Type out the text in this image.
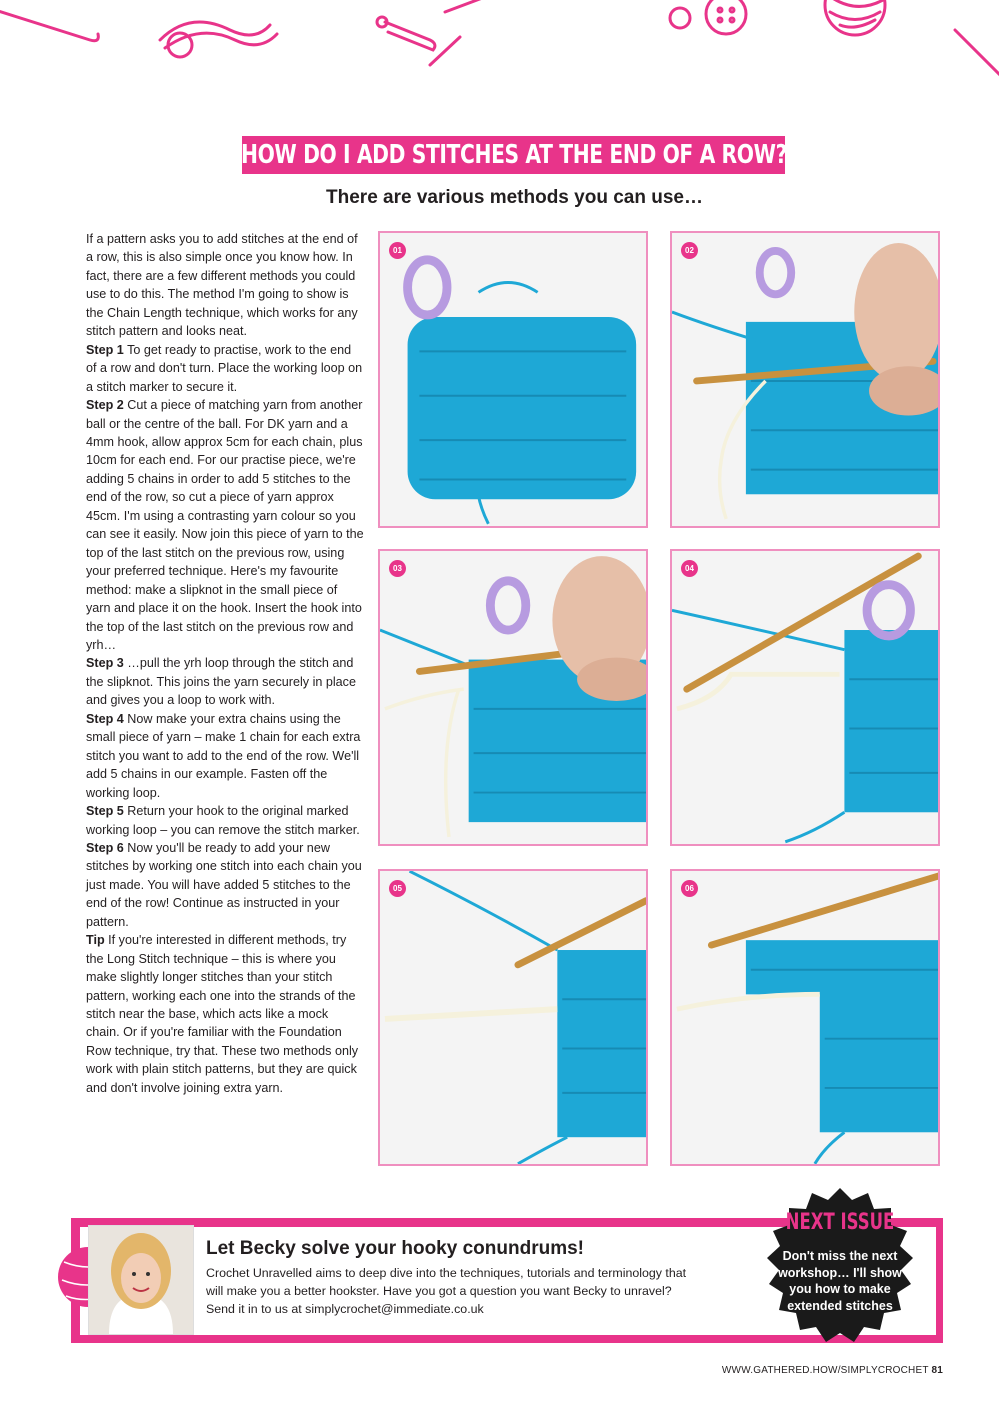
HOW DO I ADD STITCHES AT THE END OF A ROW?
There are various methods you can use…

If a pattern asks you to add stitches at the end of a row, this is also simple once you know how. In fact, there are a few different methods you could use to do this. The method I'm going to show is the Chain Length technique, which works for any stitch pattern and looks neat.

Step 1 To get ready to practise, work to the end of a row and don't turn. Place the working loop on a stitch marker to secure it.

Step 2 Cut a piece of matching yarn from another ball or the centre of the ball. For DK yarn and a 4mm hook, allow approx 5cm for each chain, plus 10cm for each end. For our practise piece, we're adding 5 chains in order to add 5 stitches to the end of the row, so cut a piece of yarn approx 45cm. I'm using a contrasting yarn colour so you can see it easily. Now join this piece of yarn to the top of the last stitch on the previous row, using your preferred technique. Here's my favourite method: make a slipknot in the small piece of yarn and place it on the hook. Insert the hook into the top of the last stitch on the previous row and yrh…

Step 3 …pull the yrh loop through the stitch and the slipknot. This joins the yarn securely in place and gives you a loop to work with.

Step 4 Now make your extra chains using the small piece of yarn – make 1 chain for each extra stitch you want to add to the end of the row. We'll add 5 chains in our example. Fasten off the working loop.

Step 5 Return your hook to the original marked working loop – you can remove the stitch marker.

Step 6 Now you'll be ready to add your new stitches by working one stitch into each chain you just made. You will have added 5 stitches to the end of the row! Continue as instructed in your pattern.

Tip If you're interested in different methods, try the Long Stitch technique – this is where you make slightly longer stitches than your stitch pattern, working each one into the strands of the stitch near the base, which acts like a mock chain. Or if you're familiar with the Foundation Row technique, try that. These two methods only work with plain stitch patterns, but they are quick and don't involve joining extra yarn.

01	02
03	04
05	06
Let Becky solve your hooky conundrums!

Crochet Unravelled aims to deep dive into the techniques, tutorials and terminology that

will make you a better hookster. Have you got a question you want Becky to unravel?

Send it in to us at simplycrochet@immediate.co.uk

NEXT ISSUE
Don't miss the next workshop… I'll show you how to make extended stitches
WWW.GATHERED.HOW/SIMPLYCROCHET 81
